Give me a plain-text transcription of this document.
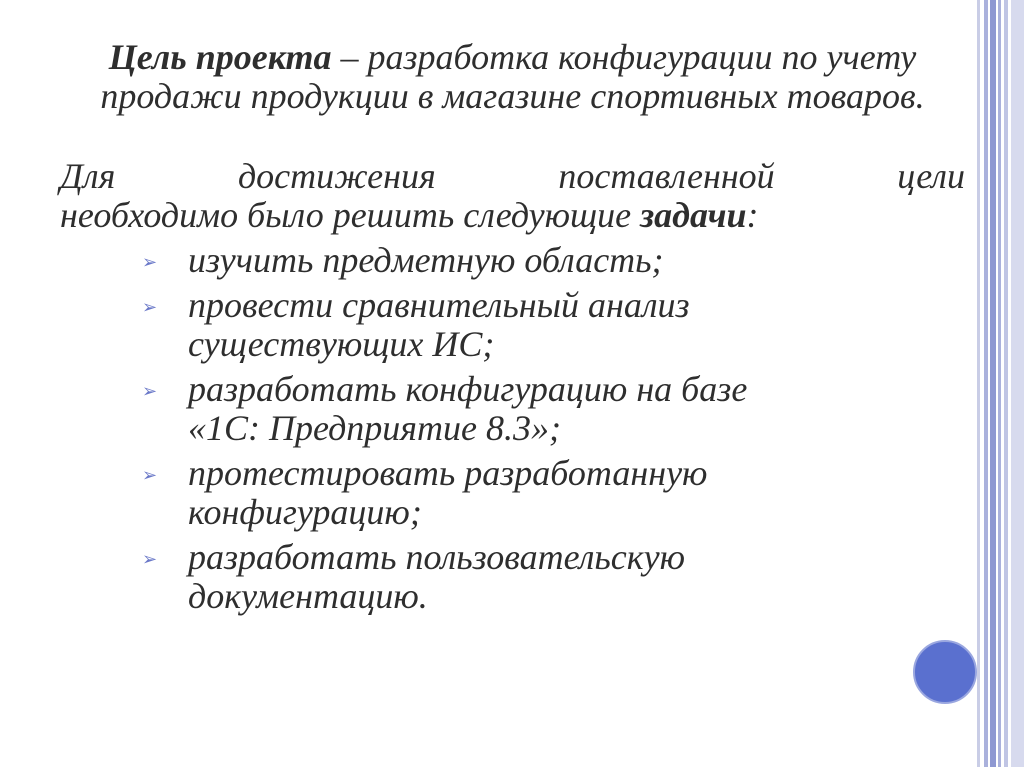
Цель проекта – разработка конфигурации по учету продажи продукции в магазине спортивных товаров.

Для	достижения	поставленной	цели
необходимо было решить следующие задачи:
➢ изучить предметную область;
➢ провести сравнительный анализ
существующих ИС;
➢ разработать конфигурацию на базе
«1С: Предприятие 8.3»;
➢ протестировать разработанную
конфигурацию;
➢ разработать пользовательскую
документацию.
